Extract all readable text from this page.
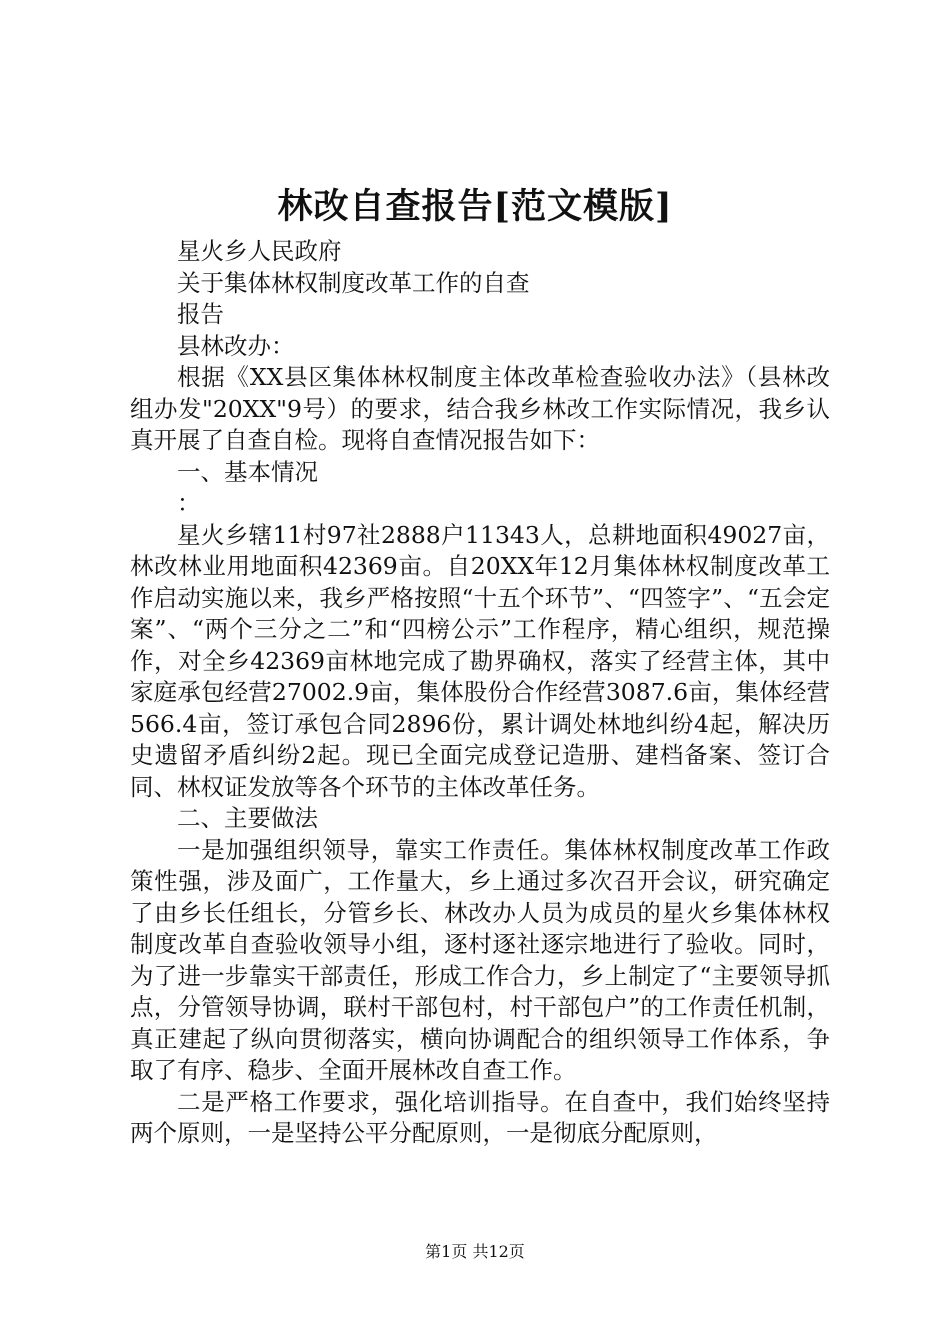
林改自查报告[范文模版]

星火乡人民政府

关于集体林权制度改革工作的自查

报告

县林改办：

根据《XX县区集体林权制度主体改革检查验收办法》（县林改组办发"20XX"9号）的要求，结合我乡林改工作实际情况，我乡认真开展了自查自检。现将自查情况报告如下：

一、基本情况

：

星火乡辖11村97社2888户11343人，总耕地面积49027亩，林改林业用地面积42369亩。自20XX年12月集体林权制度改革工作启动实施以来，我乡严格按照“十五个环节”、“四签字”、“五会定案”、“两个三分之二”和“四榜公示”工作程序，精心组织，规范操作，对全乡42369亩林地完成了勘界确权，落实了经营主体，其中家庭承包经营27002.9亩，集体股份合作经营3087.6亩，集体经营566.4亩，签订承包合同2896份，累计调处林地纠纷4起，解决历史遗留矛盾纠纷2起。现已全面完成登记造册、建档备案、签订合同、林权证发放等各个环节的主体改革任务。

二、主要做法

一是加强组织领导，靠实工作责任。集体林权制度改革工作政策性强，涉及面广，工作量大，乡上通过多次召开会议，研究确定了由乡长任组长，分管乡长、林改办人员为成员的星火乡集体林权制度改革自查验收领导小组，逐村逐社逐宗地进行了验收。同时，为了进一步靠实干部责任，形成工作合力，乡上制定了“主要领导抓点，分管领导协调，联村干部包村，村干部包户”的工作责任机制，真正建起了纵向贯彻落实，横向协调配合的组织领导工作体系，争取了有序、稳步、全面开展林改自查工作。

二是严格工作要求，强化培训指导。在自查中，我们始终坚持两个原则，一是坚持公平分配原则，一是彻底分配原则，

第1页 共12页
